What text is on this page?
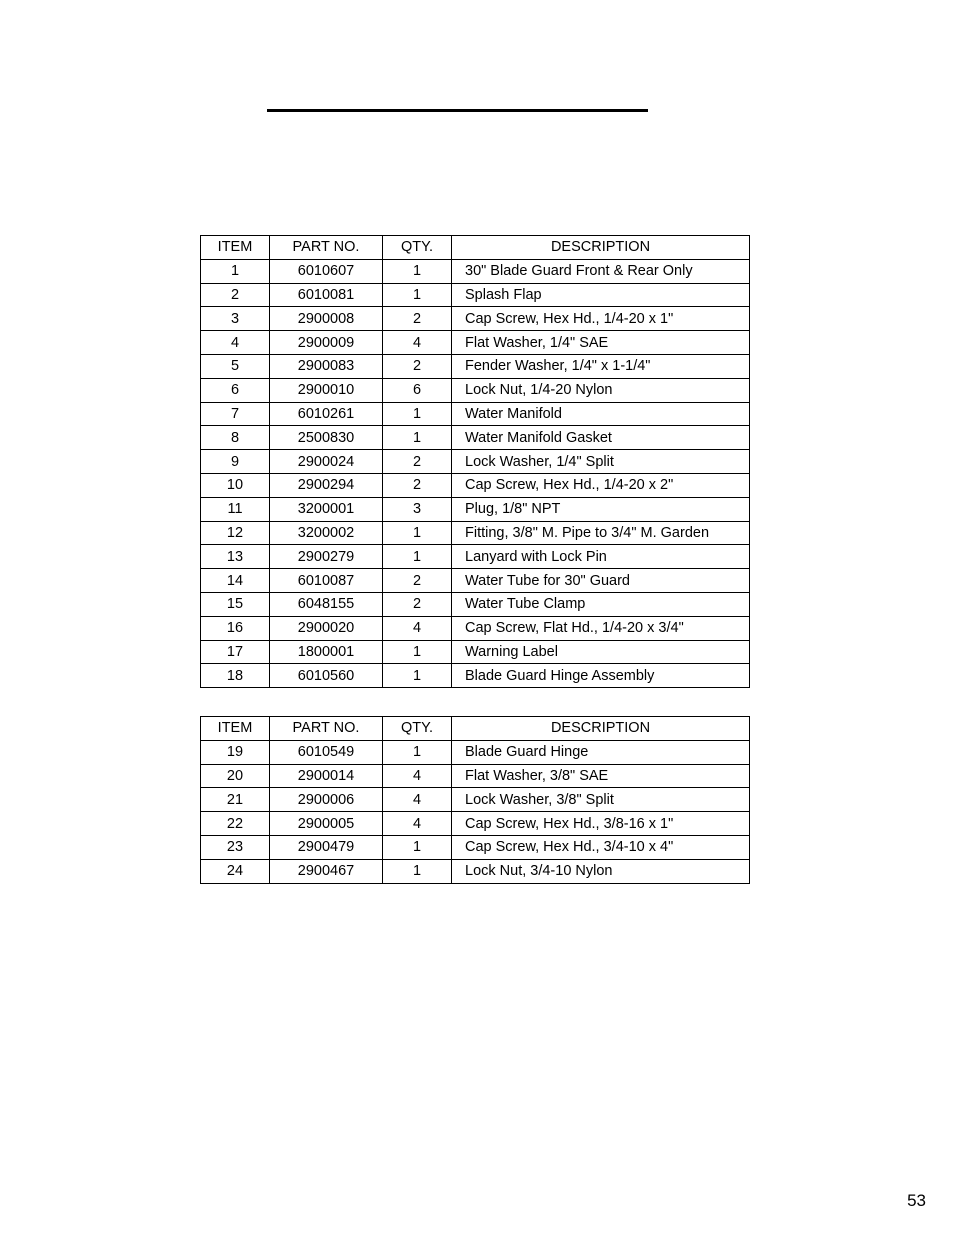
ITEM	PART NO.	QTY.	DESCRIPTION
1	6010607	1	30" Blade Guard Front & Rear Only
2	6010081	1	Splash Flap
3	2900008	2	Cap Screw, Hex Hd., 1/4-20 x 1"
4	2900009	4	Flat Washer, 1/4" SAE
5	2900083	2	Fender Washer, 1/4" x 1-1/4"
6	2900010	6	Lock Nut, 1/4-20 Nylon
7	6010261	1	Water Manifold
8	2500830	1	Water Manifold Gasket
9	2900024	2	Lock Washer, 1/4" Split
10	2900294	2	Cap Screw, Hex Hd., 1/4-20 x 2"
11	3200001	3	Plug, 1/8" NPT
12	3200002	1	Fitting, 3/8" M. Pipe to 3/4" M. Garden
13	2900279	1	Lanyard with Lock Pin
14	6010087	2	Water Tube for 30" Guard
15	6048155	2	Water Tube Clamp
16	2900020	4	Cap Screw, Flat Hd., 1/4-20 x 3/4"
17	1800001	1	Warning Label
18	6010560	1	Blade Guard Hinge Assembly
ITEM	PART NO.	QTY.	DESCRIPTION
19	6010549	1	Blade Guard Hinge
20	2900014	4	Flat Washer, 3/8" SAE
21	2900006	4	Lock Washer, 3/8" Split
22	2900005	4	Cap Screw, Hex Hd., 3/8-16 x 1"
23	2900479	1	Cap Screw, Hex Hd., 3/4-10 x 4"
24	2900467	1	Lock Nut, 3/4-10 Nylon
53
